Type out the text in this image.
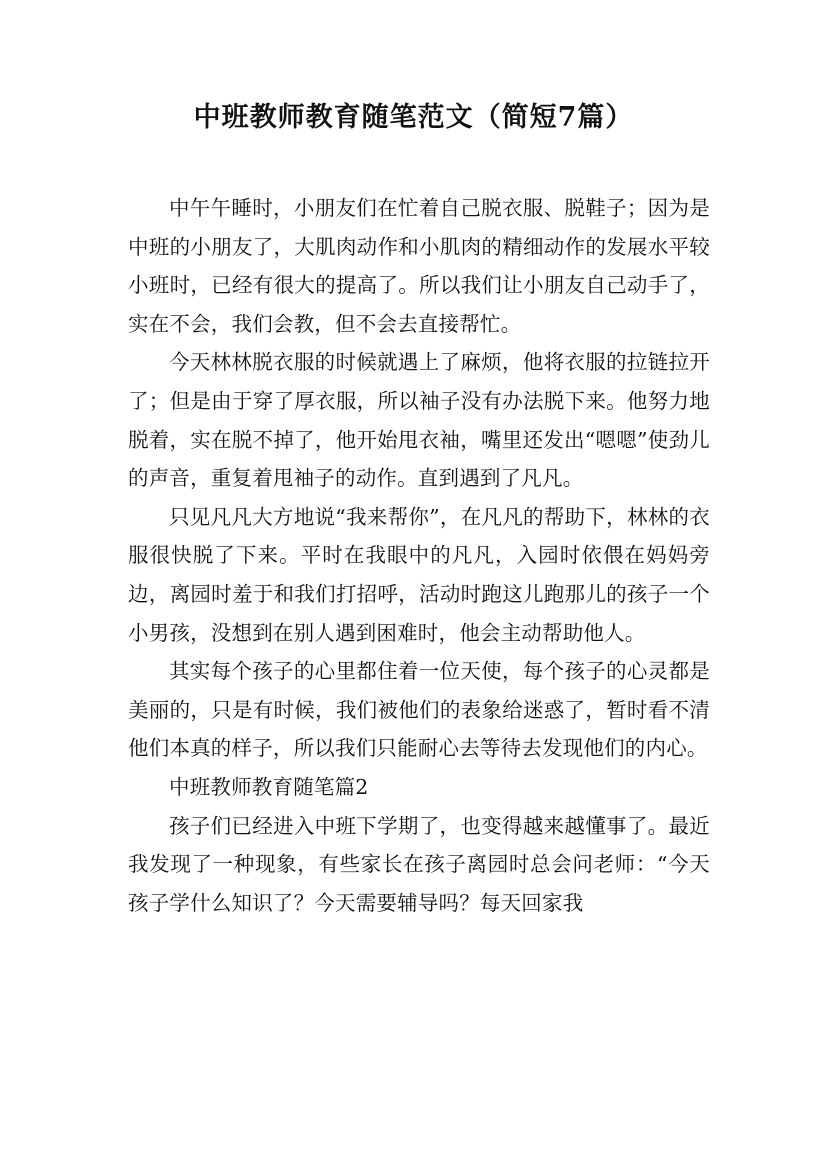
中班教师教育随笔范文（简短7篇）

中午午睡时，小朋友们在忙着自己脱衣服、脱鞋子；因为是中班的小朋友了，大肌肉动作和小肌肉的精细动作的发展水平较小班时，已经有很大的提高了。所以我们让小朋友自己动手了，实在不会，我们会教，但不会去直接帮忙。

今天林林脱衣服的时候就遇上了麻烦，他将衣服的拉链拉开了；但是由于穿了厚衣服，所以袖子没有办法脱下来。他努力地脱着，实在脱不掉了，他开始甩衣袖，嘴里还发出“嗯嗯”使劲儿的声音，重复着甩袖子的动作。直到遇到了凡凡。

只见凡凡大方地说“我来帮你”，在凡凡的帮助下，林林的衣服很快脱了下来。平时在我眼中的凡凡，入园时依偎在妈妈旁边，离园时羞于和我们打招呼，活动时跑这儿跑那儿的孩子一个小男孩，没想到在别人遇到困难时，他会主动帮助他人。

其实每个孩子的心里都住着一位天使，每个孩子的心灵都是美丽的，只是有时候，我们被他们的表象给迷惑了，暂时看不清他们本真的样子，所以我们只能耐心去等待去发现他们的内心。

中班教师教育随笔篇2

孩子们已经进入中班下学期了，也变得越来越懂事了。最近我发现了一种现象，有些家长在孩子离园时总会问老师：“今天孩子学什么知识了？今天需要辅导吗？每天回家我
